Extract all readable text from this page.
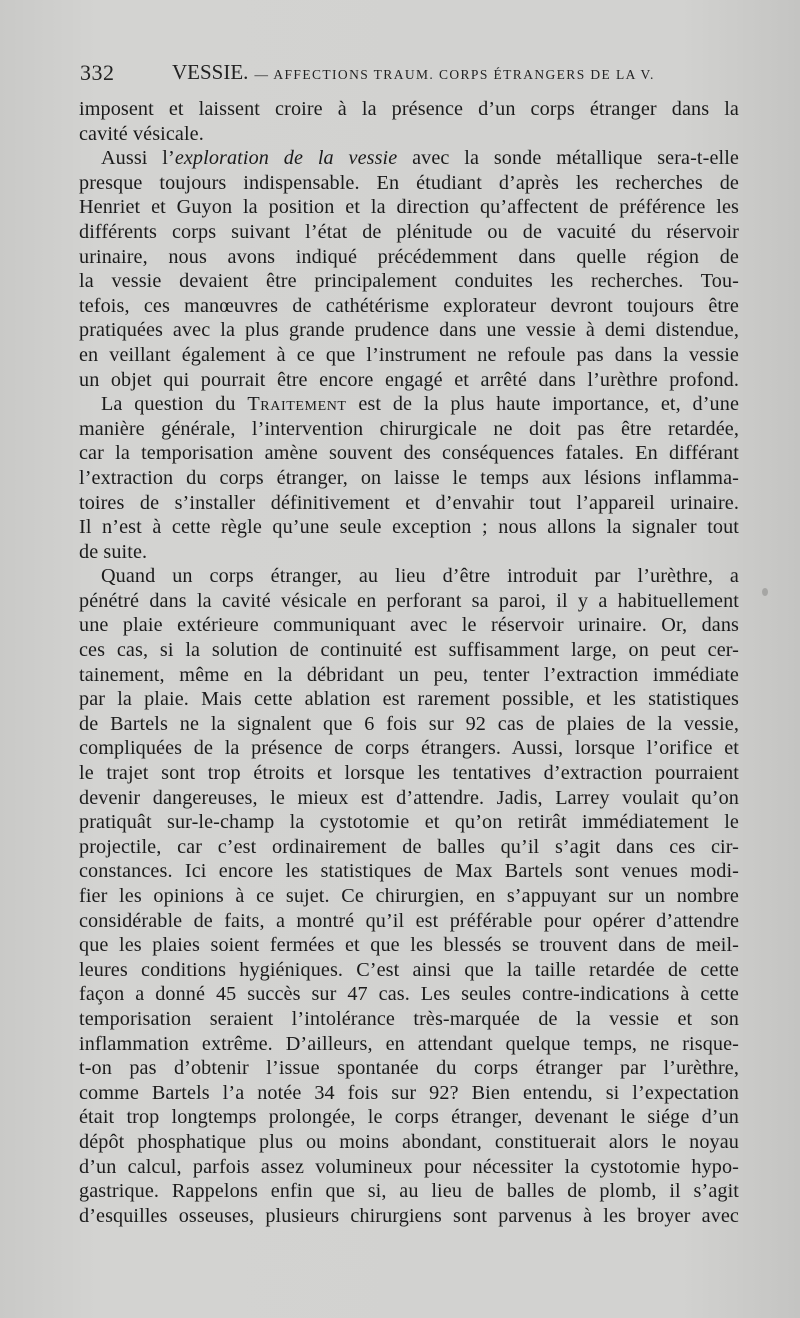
332	VESSIE. — AFFECTIONS TRAUM. CORPS ÉTRANGERS DE LA V.
imposent et laissent croire à la présence d’un corps étranger dans la
cavité vésicale.
Aussi l’exploration de la vessie avec la sonde métallique sera-t-elle
presque toujours indispensable. En étudiant d’après les recherches de
Henriet et Guyon la position et la direction qu’affectent de préférence les
différents corps suivant l’état de plénitude ou de vacuité du réservoir
urinaire, nous avons indiqué précédemment dans quelle région de
la vessie devaient être principalement conduites les recherches. Tou-
tefois, ces manœuvres de cathétérisme explorateur devront toujours être
pratiquées avec la plus grande prudence dans une vessie à demi distendue,
en veillant également à ce que l’instrument ne refoule pas dans la vessie
un objet qui pourrait être encore engagé et arrêté dans l’urèthre profond.
La question du Traitement est de la plus haute importance, et, d’une
manière générale, l’intervention chirurgicale ne doit pas être retardée,
car la temporisation amène souvent des conséquences fatales. En différant
l’extraction du corps étranger, on laisse le temps aux lésions inflamma-
toires de s’installer définitivement et d’envahir tout l’appareil urinaire.
Il n’est à cette règle qu’une seule exception ; nous allons la signaler tout
de suite.
Quand un corps étranger, au lieu d’être introduit par l’urèthre, a
pénétré dans la cavité vésicale en perforant sa paroi, il y a habituellement
une plaie extérieure communiquant avec le réservoir urinaire. Or, dans
ces cas, si la solution de continuité est suffisamment large, on peut cer-
tainement, même en la débridant un peu, tenter l’extraction immédiate
par la plaie. Mais cette ablation est rarement possible, et les statistiques
de Bartels ne la signalent que 6 fois sur 92 cas de plaies de la vessie,
compliquées de la présence de corps étrangers. Aussi, lorsque l’orifice et
le trajet sont trop étroits et lorsque les tentatives d’extraction pourraient
devenir dangereuses, le mieux est d’attendre. Jadis, Larrey voulait qu’on
pratiquât sur-le-champ la cystotomie et qu’on retirât immédiatement le
projectile, car c’est ordinairement de balles qu’il s’agit dans ces cir-
constances. Ici encore les statistiques de Max Bartels sont venues modi-
fier les opinions à ce sujet. Ce chirurgien, en s’appuyant sur un nombre
considérable de faits, a montré qu’il est préférable pour opérer d’attendre
que les plaies soient fermées et que les blessés se trouvent dans de meil-
leures conditions hygiéniques. C’est ainsi que la taille retardée de cette
façon a donné 45 succès sur 47 cas. Les seules contre-indications à cette
temporisation seraient l’intolérance très-marquée de la vessie et son
inflammation extrême. D’ailleurs, en attendant quelque temps, ne risque-
t-on pas d’obtenir l’issue spontanée du corps étranger par l’urèthre,
comme Bartels l’a notée 34 fois sur 92? Bien entendu, si l’expectation
était trop longtemps prolongée, le corps étranger, devenant le siége d’un
dépôt phosphatique plus ou moins abondant, constituerait alors le noyau
d’un calcul, parfois assez volumineux pour nécessiter la cystotomie hypo-
gastrique. Rappelons enfin que si, au lieu de balles de plomb, il s’agit
d’esquilles osseuses, plusieurs chirurgiens sont parvenus à les broyer avec
